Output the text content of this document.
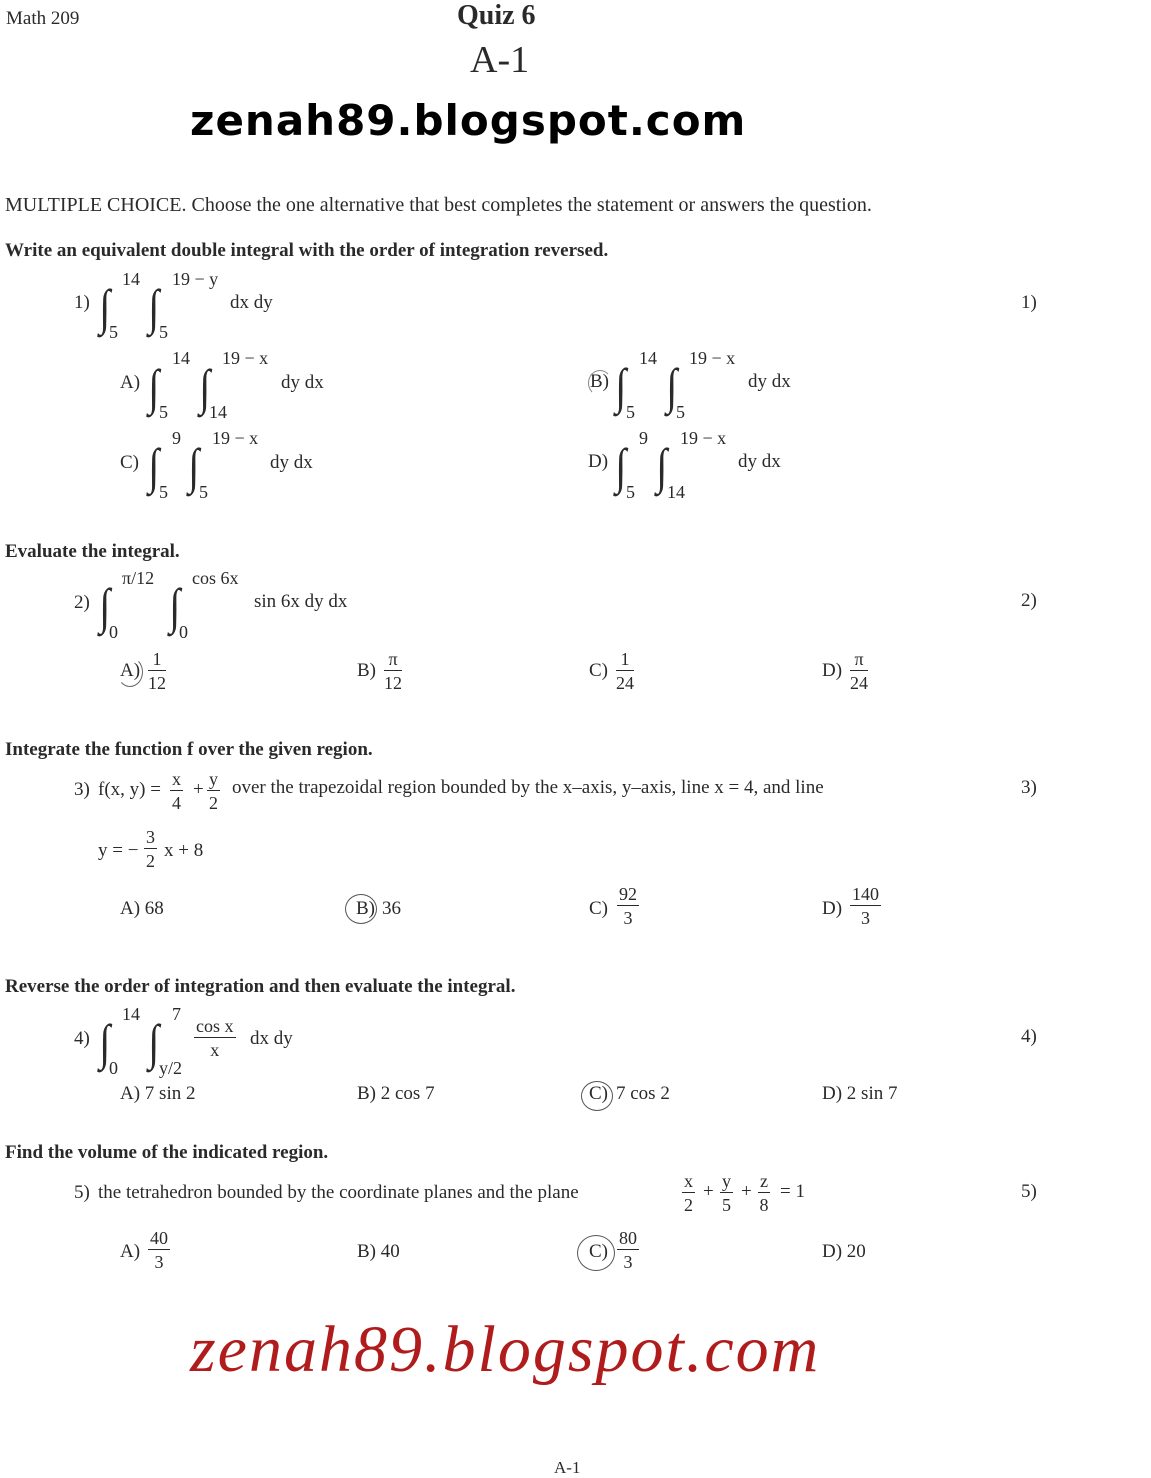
Math 209	Quiz 6
A-1
zenah89.blogspot.com
MULTIPLE CHOICE. Choose the one alternative that best completes the statement or answers the question.
Write an equivalent double integral with the order of integration reversed.
1) ∫ 14
5 ∫ 19 − y
5
dx dy	1)
A) ∫
14
5 ∫
19 − x
14
dy dx	B) ∫ 14
5 ∫ 19 − x
5
dy dx
C) ∫ 9
5 ∫ 19 − x
5
dy dx	D) ∫ 9
5 ∫ 19 − x
14
dy dx
Evaluate the integral.
2) ∫ π/12
0 ∫ cos 6x
0
sin 6x dy dx	2)
$A) \frac{1}{12}$	$B) \frac{\pi}{12}$	$C) \frac{1}{24}$	$D) \frac{\pi}{24}$
Integrate the function f over the given region.
3) f(x, $y) = \frac{x}{4} + \frac{y}{2}$ over the trapezoidal region bounded by the x–axis, y–axis, line x = 4, and line	3)
y = − $\frac{3}{2}$ x + 8
A) 68	B) 36	$C) \frac{92}{3}$	$D) \frac{140}{3}$
Reverse the order of integration and then evaluate the integral.
4) ∫ 14
0 ∫ 7
y/2
$\frac{\text{cos x}}{x}$ dx dy	4)
A) 7 sin 2	B) 2 cos 7	C) 7 cos 2	D) 2 sin 7
Find the volume of the indicated region.
5) the tetrahedron bounded by the coordinate planes and the plane	$\frac{x}{2} + \frac{y}{5} + \frac{z}{8} = 1$	5)
$A) \frac{40}{3}$	B) 40	$C) \frac{80}{3}$	D) 20
zenah89.blogspot.com
A-1
